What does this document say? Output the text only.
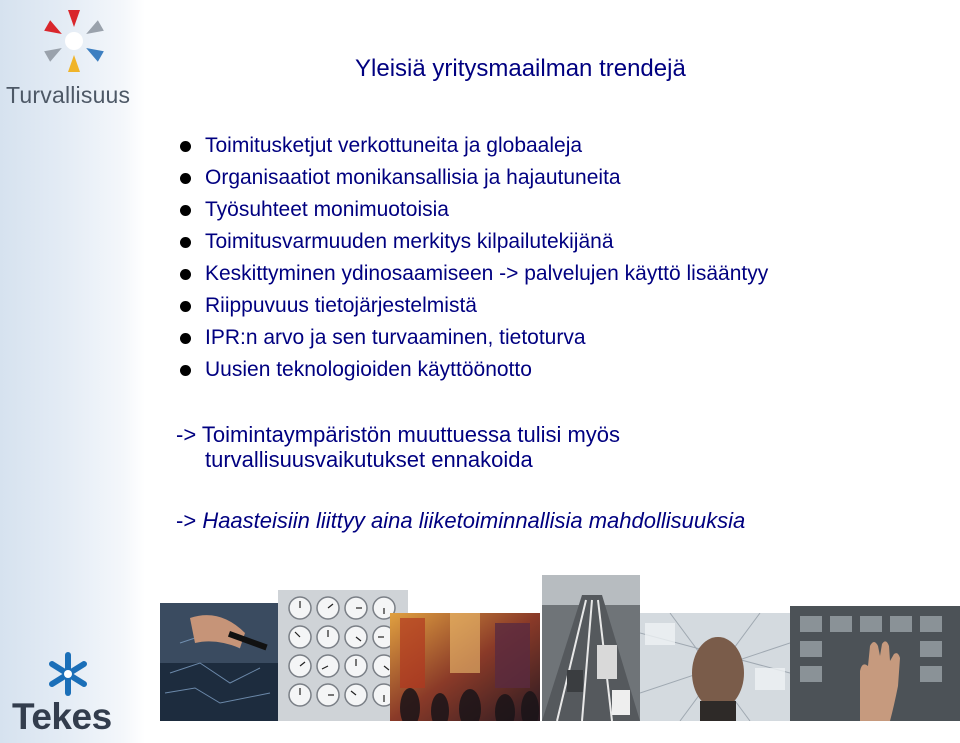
Turvallisuus
Tekes
Yleisiä yritysmaailman trendejä
Toimitusketjut verkottuneita ja globaaleja
Organisaatiot monikansallisia ja hajautuneita
Työsuhteet monimuotoisia
Toimitusvarmuuden merkitys kilpailutekijänä
Keskittyminen ydinosaamiseen -> palvelujen käyttö lisääntyy
Riippuvuus tietojärjestelmistä
IPR:n arvo ja sen turvaaminen, tietoturva
Uusien teknologioiden käyttöönotto
-> Toimintaympäristön muuttuessa tulisi myös
turvallisuusvaikutukset ennakoida
-> Haasteisiin liittyy aina liiketoiminnallisia mahdollisuuksia
